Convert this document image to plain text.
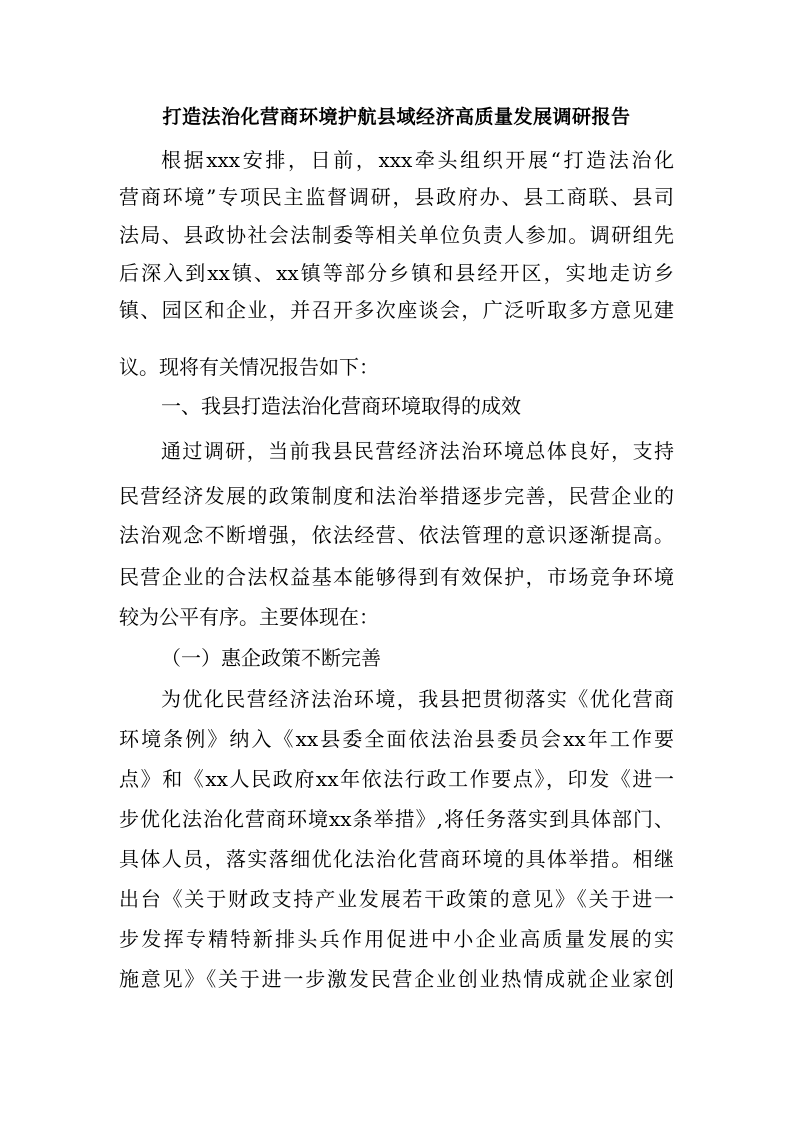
打造法治化营商环境护航县域经济高质量发展调研报告
根据xxx安排，日前，xxx牵头组织开展“打造法治化
营商环境”专项民主监督调研，县政府办、县工商联、县司
法局、县政协社会法制委等相关单位负责人参加。调研组先
后深入到xx镇、xx镇等部分乡镇和县经开区，实地走访乡
镇、园区和企业，并召开多次座谈会，广泛听取多方意见建
议。现将有关情况报告如下：
一、我县打造法治化营商环境取得的成效
通过调研，当前我县民营经济法治环境总体良好，支持
民营经济发展的政策制度和法治举措逐步完善，民营企业的
法治观念不断增强，依法经营、依法管理的意识逐渐提高。
民营企业的合法权益基本能够得到有效保护，市场竞争环境
较为公平有序。主要体现在：
（一）惠企政策不断完善
为优化民营经济法治环境，我县把贯彻落实《优化营商
环境条例》纳入《xx县委全面依法治县委员会xx年工作要
点》和《xx人民政府xx年依法行政工作要点》，印发《进一
步优化法治化营商环境xx条举措》,将任务落实到具体部门、
具体人员，落实落细优化法治化营商环境的具体举措。相继
出台《关于财政支持产业发展若干政策的意见》《关于进一
步发挥专精特新排头兵作用促进中小企业高质量发展的实
施意见》《关于进一步激发民营企业创业热情成就企业家创
